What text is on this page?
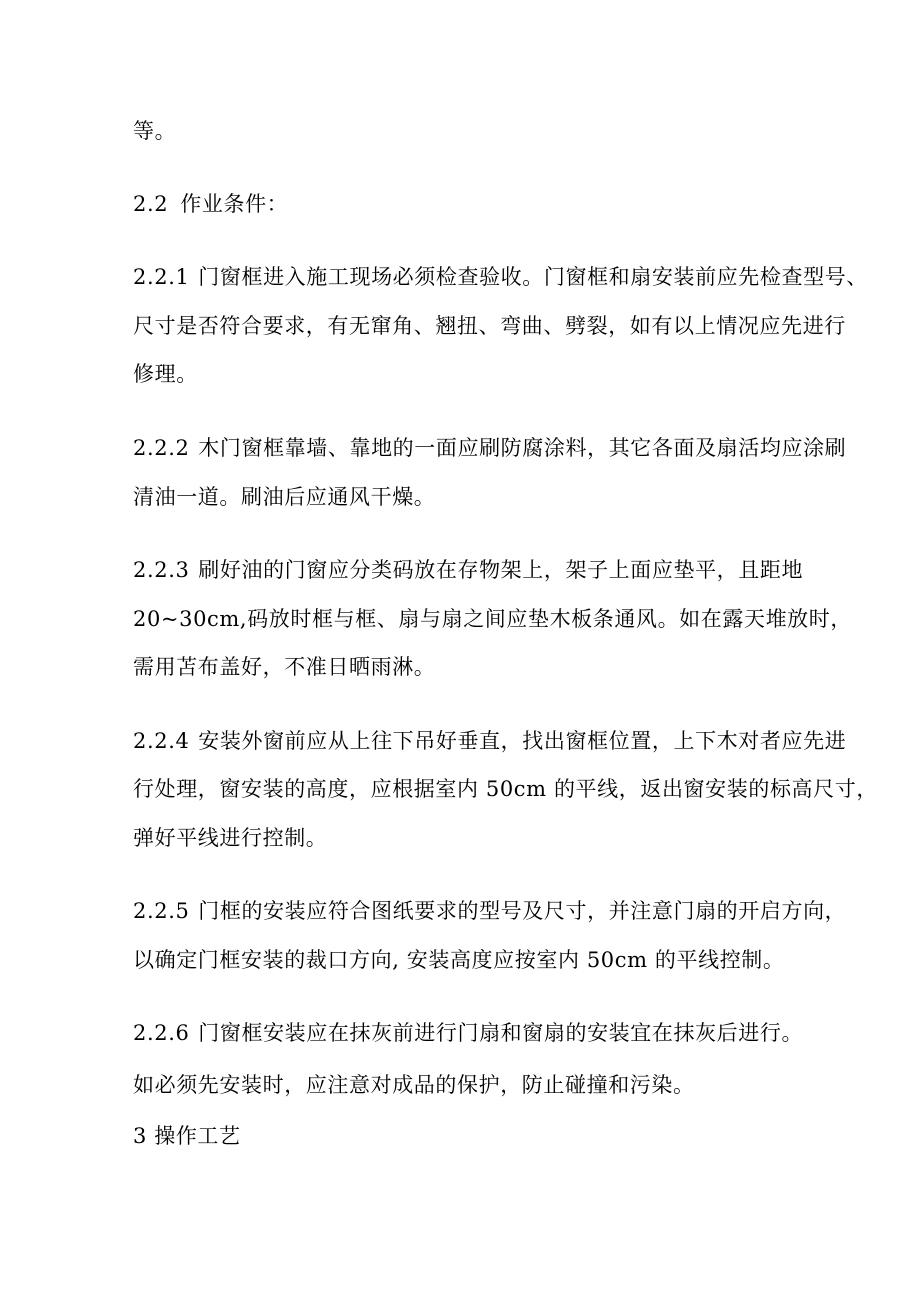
等。
2.2 作业条件：
2.2.1 门窗框进入施工现场必须检查验收。门窗框和扇安装前应先检查型号、
尺寸是否符合要求，有无窜角、翘扭、弯曲、劈裂，如有以上情况应先进行
修理。
2.2.2 木门窗框靠墙、靠地的一面应刷防腐涂料，其它各面及扇活均应涂刷
清油一道。刷油后应通风干燥。
2.2.3 刷好油的门窗应分类码放在存物架上，架子上面应垫平，且距地
20~30cm,码放时框与框、扇与扇之间应垫木板条通风。如在露天堆放时，
需用苫布盖好，不准日晒雨淋。
2.2.4 安装外窗前应从上往下吊好垂直，找出窗框位置，上下木对者应先进
行处理，窗安装的高度，应根据室内 50cm 的平线，返出窗安装的标高尺寸，
弹好平线进行控制。
2.2.5 门框的安装应符合图纸要求的型号及尺寸，并注意门扇的开启方向，
以确定门框安装的裁口方向, 安装高度应按室内 50cm 的平线控制。
2.2.6 门窗框安装应在抹灰前进行门扇和窗扇的安装宜在抹灰后进行。
如必须先安装时，应注意对成品的保护，防止碰撞和污染。
3 操作工艺
